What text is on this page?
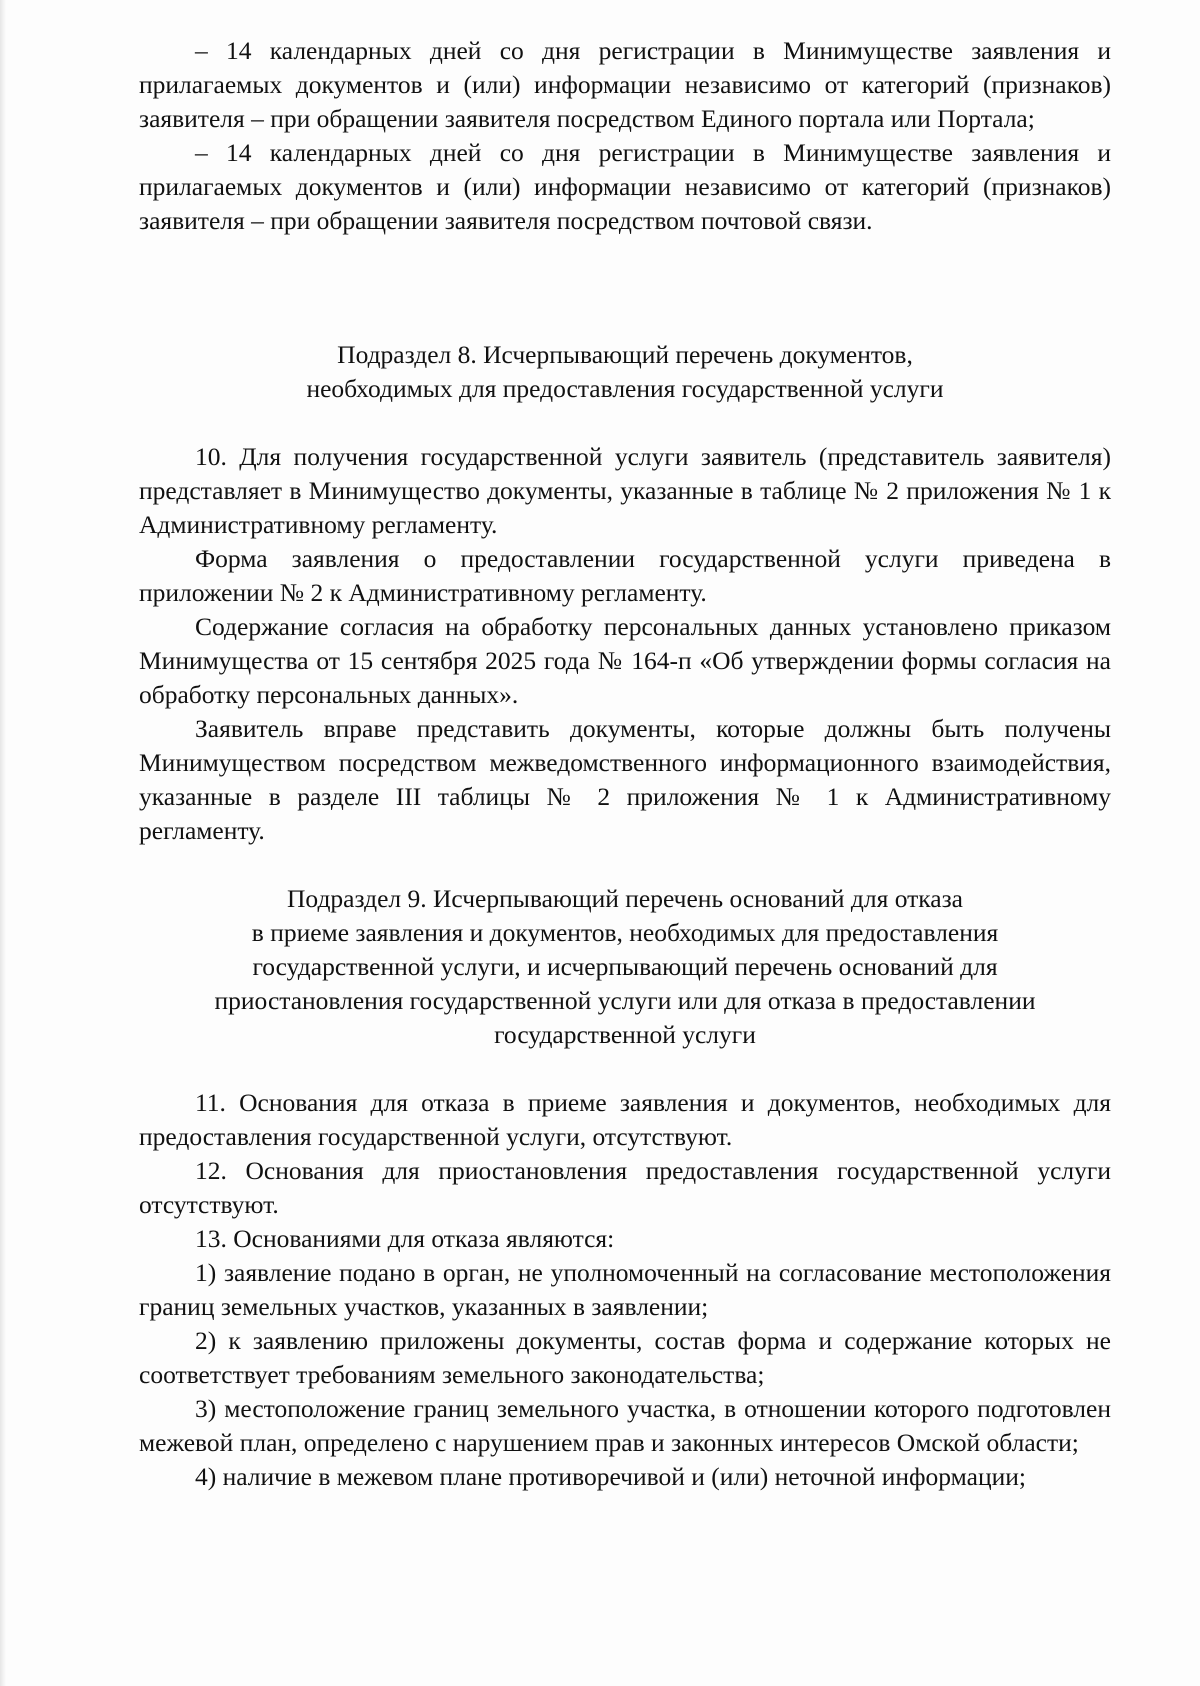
– 14 календарных дней со дня регистрации в Минимуществе заявления и прилагаемых документов и (или) информации независимо от категорий (признаков) заявителя – при обращении заявителя посредством Единого портала или Портала;

– 14 календарных дней со дня регистрации в Минимуществе заявления и прилагаемых документов и (или) информации независимо от категорий (признаков) заявителя – при обращении заявителя посредством почтовой связи.

Подраздел 8. Исчерпывающий перечень документов,
необходимых для предоставления государственной услуги

10. Для получения государственной услуги заявитель (представитель заявителя) представляет в Минимущество документы, указанные в таблице № 2 приложения № 1 к Административному регламенту.

Форма заявления о предоставлении государственной услуги приведена в приложении № 2 к Административному регламенту.

Содержание согласия на обработку персональных данных установлено приказом Минимущества от 15 сентября 2025 года № 164-п «Об утверждении формы согласия на обработку персональных данных».

Заявитель вправе представить документы, которые должны быть получены Минимуществом посредством межведомственного информационного взаимодействия, указанные в разделе III таблицы № 2 приложения № 1 к Административному регламенту.

Подраздел 9. Исчерпывающий перечень оснований для отказа
в приеме заявления и документов, необходимых для предоставления
государственной услуги, и исчерпывающий перечень оснований для
приостановления государственной услуги или для отказа в предоставлении
государственной услуги

11. Основания для отказа в приеме заявления и документов, необходимых для предоставления государственной услуги, отсутствуют.

12. Основания для приостановления предоставления государственной услуги отсутствуют.

13. Основаниями для отказа являются:

1) заявление подано в орган, не уполномоченный на согласование местоположения границ земельных участков, указанных в заявлении;

2) к заявлению приложены документы, состав форма и содержание которых не соответствует требованиям земельного законодательства;

3) местоположение границ земельного участка, в отношении которого подготовлен межевой план, определено с нарушением прав и законных интересов Омской области;

4) наличие в межевом плане противоречивой и (или) неточной информации;
